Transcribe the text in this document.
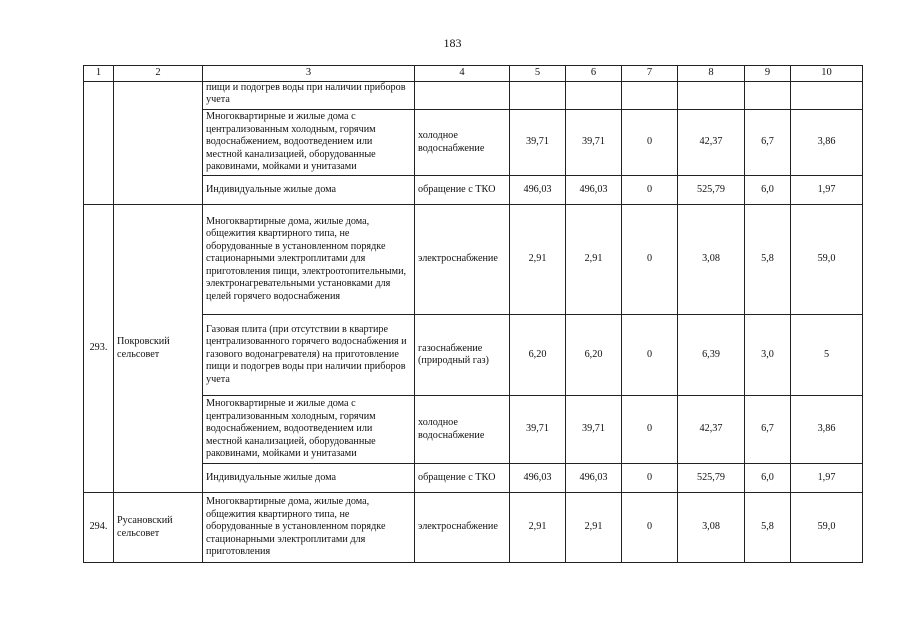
183
1	2	3	4	5	6	7	8	9	10
		пищи и подогрев воды при наличии приборов учета							
		Многоквартирные и жилые дома с централизованным холодным, горячим водоснабжением, водоотведением или местной канализацией, оборудованные раковинами, мойками и унитазами	холодное водоснабжение	39,71	39,71	0	42,37	6,7	3,86
		Индивидуальные жилые дома	обращение с ТКО	496,03	496,03	0	525,79	6,0	1,97
293.	Покровский сельсовет	Многоквартирные дома, жилые дома, общежития квартирного типа, не оборудованные в установленном порядке стационарными электроплитами для приготовления пищи, электроотопительными, электронагревательными установками для целей горячего водоснабжения	электроснабжение	2,91	2,91	0	3,08	5,8	59,0
		Газовая плита (при отсутствии в квартире централизованного горячего водоснабжения и газового водонагревателя) на приготовление пищи и подогрев воды при наличии приборов учета	газоснабжение (природный газ)	6,20	6,20	0	6,39	3,0	5
		Многоквартирные и жилые дома с централизованным холодным, горячим водоснабжением, водоотведением или местной канализацией, оборудованные раковинами, мойками и унитазами	холодное водоснабжение	39,71	39,71	0	42,37	6,7	3,86
		Индивидуальные жилые дома	обращение с ТКО	496,03	496,03	0	525,79	6,0	1,97
294.	Русановский сельсовет	Многоквартирные дома, жилые дома, общежития квартирного типа, не оборудованные в установленном порядке стационарными электроплитами для приготовления	электроснабжение	2,91	2,91	0	3,08	5,8	59,0
